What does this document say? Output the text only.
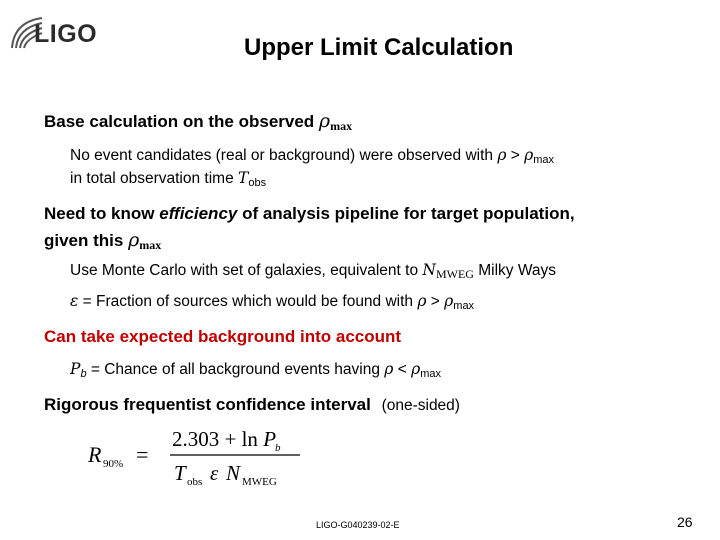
LIGO	Upper Limit Calculation
Base calculation on the observed ρmax
No event candidates (real or background) were observed with $\rho > \rho_{max}$
in total observation time $T_{obs}$
Need to know efficiency of analysis pipeline for target population,
given this ρmax
Use Monte Carlo with set of galaxies, equivalent to NMWEG Milky Ways
ε = Fraction of sources which would be found with $\rho > \rho_{max}$
Can take expected background into account
$P_b$ = Chance of all background events having $\rho < \rho_{max}$
Rigorous frequentist confidence interval (one-sided)
R 90% =
2.303 + ln P
b
T obs ε N MWEG
LIGO-G040239-02-E	26
